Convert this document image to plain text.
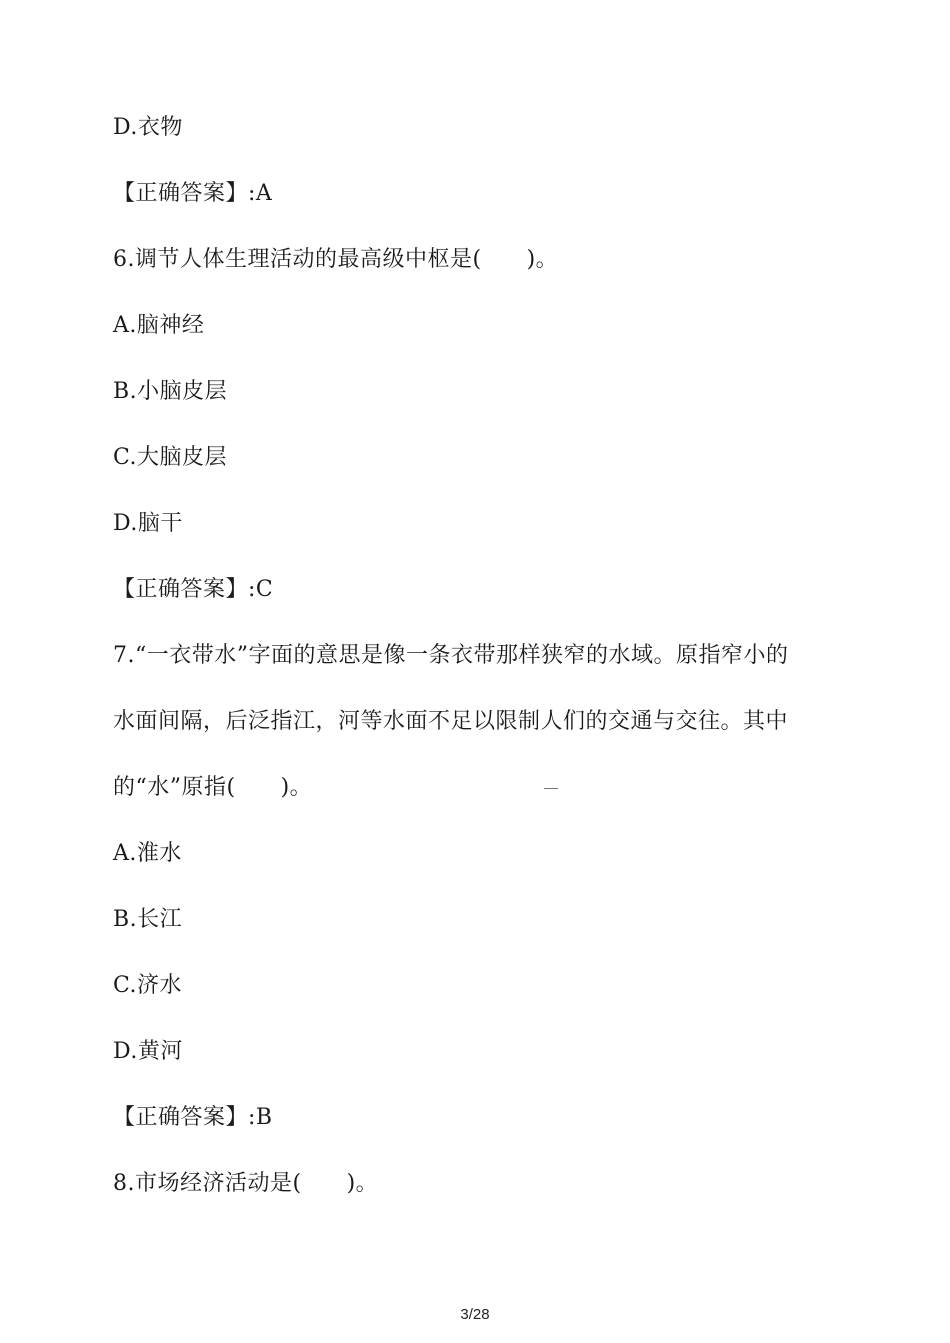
D.衣物
【正确答案】:A
6.调节人体生理活动的最高级中枢是(　　)。
A.脑神经
B.小脑皮层
C.大脑皮层
D.脑干
【正确答案】:C
7.“一衣带水”字面的意思是像一条衣带那样狭窄的水域。原指窄小的
水面间隔，后泛指江，河等水面不足以限制人们的交通与交往。其中
的“水”原指(　　)。
A.淮水
B.长江
C.济水
D.黄河
【正确答案】:B
8.市场经济活动是(　　)。
3/28
